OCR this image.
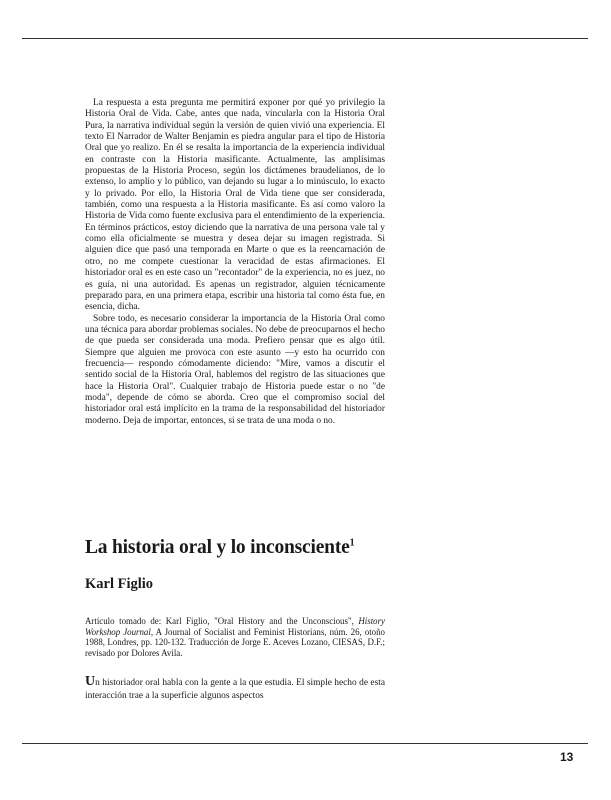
La respuesta a esta pregunta me permitirá exponer por qué yo privilegio la Historia Oral de Vida. Cabe, antes que nada, vincularla con la Historia Oral Pura, la narrativa individual según la versión de quien vivió una experiencia. El texto El Narrador de Walter Benjamin es piedra angular para el tipo de Historia Oral que yo realizo. En él se resalta la importancia de la experiencia individual en contraste con la Historia masificante. Actualmente, las amplísimas propuestas de la Historia Proceso, según los dictámenes braudelianos, de lo extenso, lo amplio y lo público, van dejando su lugar a lo minúsculo, lo exacto y lo privado. Por ello, la Historia Oral de Vida tiene que ser considerada, también, como una respuesta a la Historia masificante. Es así como valoro la Historia de Vida como fuente exclusiva para el entendimiento de la experiencia. En términos prácticos, estoy diciendo que la narrativa de una persona vale tal y como ella oficialmente se muestra y desea dejar su imagen registrada. Si alguien dice que pasó una temporada en Marte o que es la reencarnación de otro, no me compete cuestionar la veracidad de estas afirmaciones. El historiador oral es en este caso un "recontador" de la experiencia, no es juez, no es guía, ni una autoridad. Es apenas un registrador, alguien técnicamente preparado para, en una primera etapa, escribir una historia tal como ésta fue, en esencia, dicha.

Sobre todo, es necesario considerar la importancia de la Historia Oral como una técnica para abordar problemas sociales. No debe de preocuparnos el hecho de que pueda ser considerada una moda. Prefiero pensar que es algo útil. Siempre que alguien me provoca con este asunto —y esto ha ocurrido con frecuencia— respondo cómodamente diciendo: "Mire, vamos a discutir el sentido social de la Historia Oral, hablemos del registro de las situaciones que hace la Historia Oral". Cualquier trabajo de Historia puede estar o no "de moda", depende de cómo se aborda. Creo que el compromiso social del historiador oral está implícito en la trama de la responsabilidad del historiador moderno. Deja de importar, entonces, si se trata de una moda o no.

La historia oral y lo inconsciente$^1$
Karl Figlio

Artículo tomado de: Karl Figlio, "Oral History and the Unconscious", History Workshop Journal, A Journal of Socialist and Feminist Historians, núm. 26, otoño 1988, Londres, pp. 120-132. Traducción de Jorge E. Aceves Lozano, CIESAS, D.F.; revisado por Dolores Avila.

Un historiador oral habla con la gente a la que estudia. El simple hecho de esta interacción trae a la superficie algunos aspectos

13
